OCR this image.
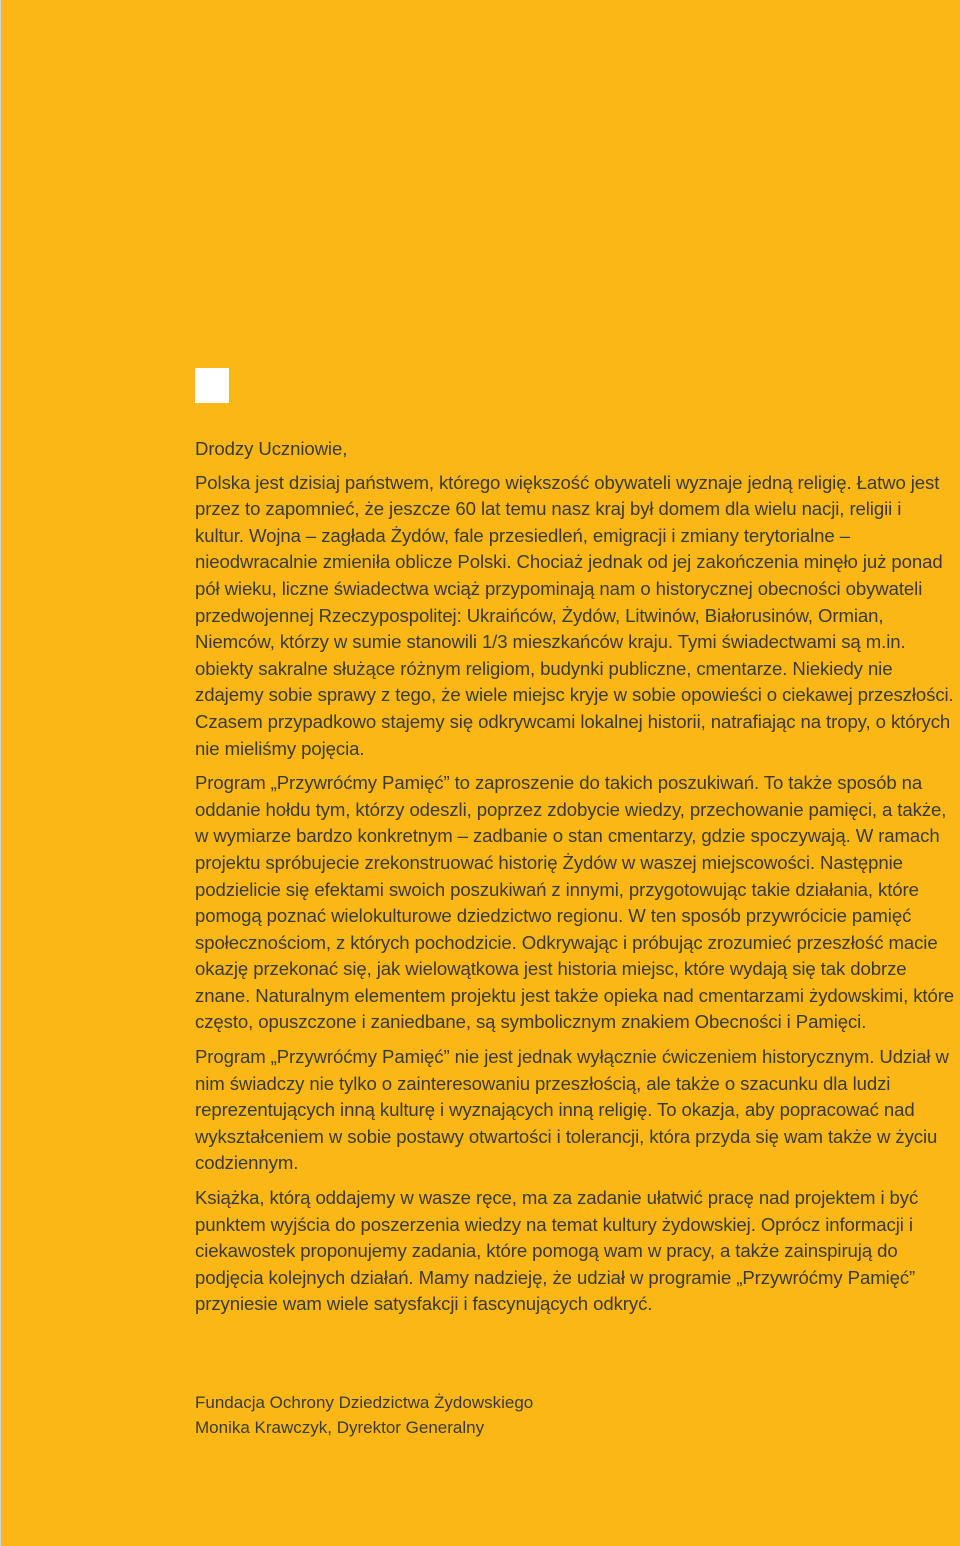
Drodzy Uczniowie,

Polska jest dzisiaj państwem, którego większość obywateli wyznaje jedną religię. Łatwo jest przez to zapomnieć, że jeszcze 60 lat temu nasz kraj był domem dla wielu nacji, religii i kultur. Wojna – zagłada Żydów, fale przesiedleń, emigracji i zmiany terytorialne – nieodwracalnie zmieniła oblicze Polski. Chociaż jednak od jej zakończenia minęło już ponad pół wieku, liczne świadectwa wciąż przypominają nam o historycznej obecności obywateli przedwojennej Rzeczypospolitej: Ukraińców, Żydów, Litwinów, Białorusinów, Ormian, Niemców, którzy w sumie stanowili 1/3 mieszkańców kraju. Tymi świadectwami są m.in. obiekty sakralne służące różnym religiom, budynki publiczne, cmentarze. Niekiedy nie zdajemy sobie sprawy z tego, że wiele miejsc kryje w sobie opowieści o ciekawej przeszłości. Czasem przypadkowo stajemy się odkrywcami lokalnej historii, natrafiając na tropy, o których nie mieliśmy pojęcia.

Program „Przywróćmy Pamięć” to zaproszenie do takich poszukiwań. To także sposób na oddanie hołdu tym, którzy odeszli, poprzez zdobycie wiedzy, przechowanie pamięci, a także, w wymiarze bardzo konkretnym – zadbanie o stan cmentarzy, gdzie spoczywają. W ramach projektu spróbujecie zrekonstruować historię Żydów w waszej miejscowości. Następnie podzielicie się efektami swoich poszukiwań z innymi, przygotowując takie działania, które pomogą poznać wielokulturowe dziedzictwo regionu. W ten sposób przywrócicie pamięć społecznościom, z których pochodzicie. Odkrywając i próbując zrozumieć przeszłość macie okazję przekonać się, jak wielowątkowa jest historia miejsc, które wydają się tak dobrze znane. Naturalnym elementem projektu jest także opieka nad cmentarzami żydowskimi, które często, opuszczone i zaniedbane, są symbolicznym znakiem Obecności i Pamięci.

Program „Przywróćmy Pamięć” nie jest jednak wyłącznie ćwiczeniem historycznym. Udział w nim świadczy nie tylko o zainteresowaniu przeszłością, ale także o szacunku dla ludzi reprezentujących inną kulturę i wyznających inną religię. To okazja, aby popracować nad wykształceniem w sobie postawy otwartości i tolerancji, która przyda się wam także w życiu codziennym.

Książka, którą oddajemy w wasze ręce, ma za zadanie ułatwić pracę nad projektem i być punktem wyjścia do poszerzenia wiedzy na temat kultury żydowskiej. Oprócz informacji i ciekawostek proponujemy zadania, które pomogą wam w pracy, a także zainspirują do podjęcia kolejnych działań. Mamy nadzieję, że udział w programie „Przywróćmy Pamięć” przyniesie wam wiele satysfakcji i fascynujących odkryć.

Fundacja Ochrony Dziedzictwa Żydowskiego
Monika Krawczyk, Dyrektor Generalny
